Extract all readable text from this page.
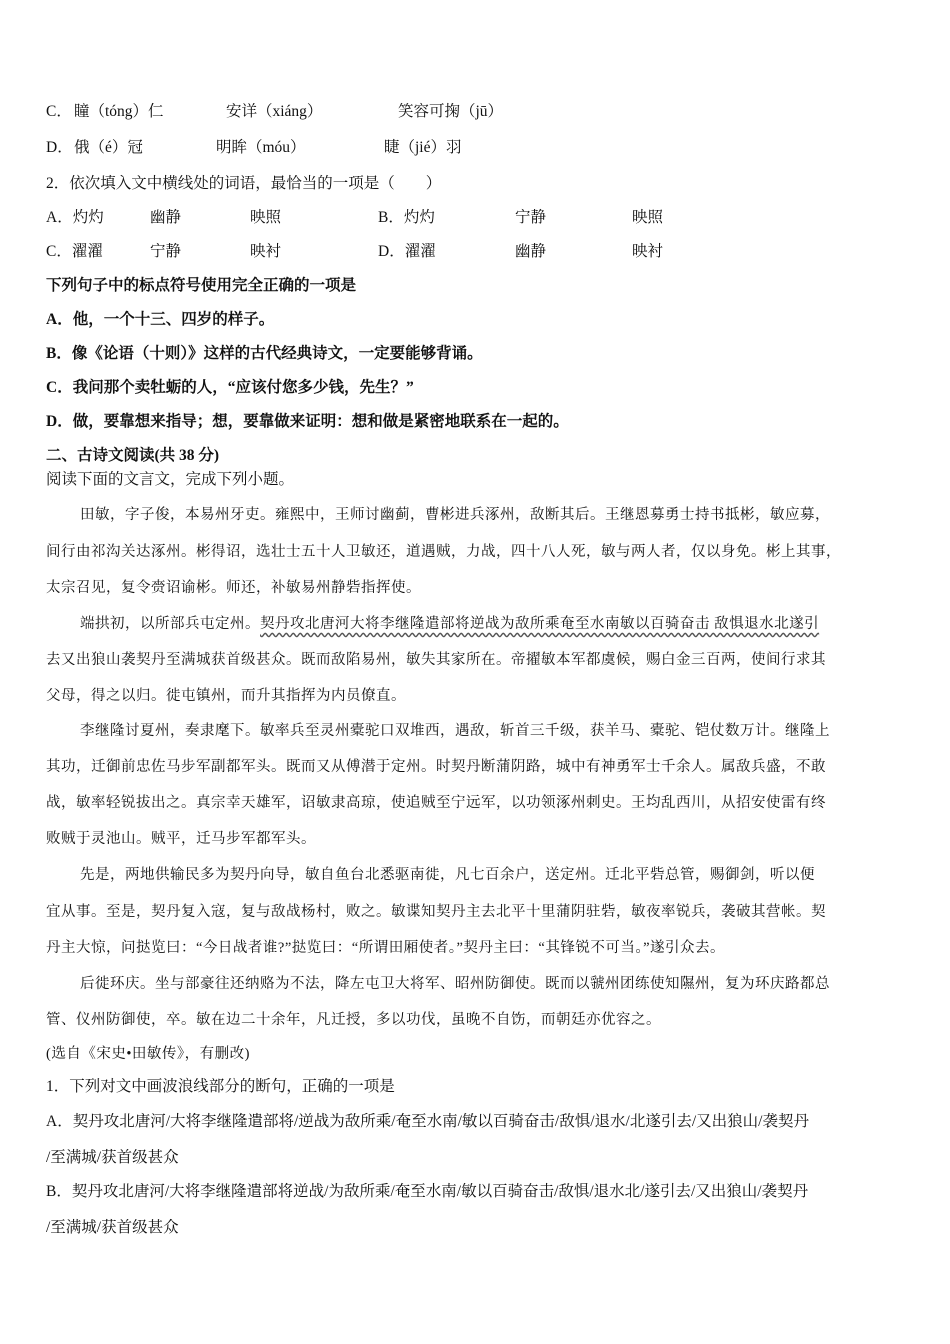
C． 瞳（tóng）仁	安详（xiáng）	笑容可掬（jū）
D． 俄（é）冠	明眸（móu）	睫（jié）羽
2．依次填入文中横线处的词语，最恰当的一项是（　　）
A．灼灼	幽静	映照	B．灼灼	宁静	映照
C．濯濯	宁静	映衬	D．濯濯	幽静	映衬
下列句子中的标点符号使用完全正确的一项是
A．他，一个十三、四岁的样子。
B．像《论语（十则）》这样的古代经典诗文，一定要能够背诵。
C．我问那个卖牡蛎的人，“应该付您多少钱，先生？”
D．做，要靠想来指导；想，要靠做来证明：想和做是紧密地联系在一起的。
二、古诗文阅读(共 38 分)
阅读下面的文言文，完成下列小题。
田敏，字子俊，本易州牙吏。雍熙中，王师讨幽蓟，曹彬进兵涿州，敌断其后。王继恩募勇士持书抵彬，敏应募，
间行由祁沟关达涿州。彬得诏，选壮士五十人卫敏还，道遇贼，力战，四十八人死，敏与两人者，仅以身免。彬上其事，
太宗召见，复令赍诏谕彬。师还，补敏易州静砦指挥使。
端拱初，以所部兵屯定州。契丹攻北唐河大将李继隆遣部将逆战为敌所乘奄至水南敏以百骑奋击 敌惧退水北遂引
去又出狼山袭契丹至满城获首级甚众。既而敌陷易州，敏失其家所在。帝擢敏本军都虞候，赐白金三百两，使间行求其
父母，得之以归。徙屯镇州，而升其指挥为内员僚直。
李继隆讨夏州，奏隶麾下。敏率兵至灵州橐驼口双堆西，遇敌，斩首三千级，获羊马、橐驼、铠仗数万计。继隆上
其功，迁御前忠佐马步军副都军头。既而又从傅潜于定州。时契丹断蒲阴路，城中有神勇军士千余人。属敌兵盛，不敢
战，敏率轻锐拔出之。真宗幸天雄军，诏敏隶高琼，使追贼至宁远军，以功领涿州刺史。王均乱西川，从招安使雷有终
败贼于灵池山。贼平，迁马步军都军头。
先是，两地供输民多为契丹向导，敏自鱼台北悉驱南徙，凡七百余户，送定州。迁北平砦总管，赐御剑，听以便
宜从事。至是，契丹复入寇，复与敌战杨村，败之。敏谍知契丹主去北平十里蒲阴驻砦，敏夜率锐兵，袭破其营帐。契
丹主大惊，问挞览曰：“今日战者谁?”挞览曰：“所谓田厢使者。”契丹主曰：“其锋锐不可当。”遂引众去。
后徙环庆。坐与部豪往还纳赂为不法，降左屯卫大将军、昭州防御使。既而以虢州团练使知隰州，复为环庆路都总
管、仪州防御使，卒。敏在边二十余年，凡迁授，多以功伐，虽晚不自饬，而朝廷亦优容之。
(选自《宋史•田敏传》，有删改)
1．下列对文中画波浪线部分的断句，正确的一项是
A．契丹攻北唐河/大将李继隆遣部将/逆战为敌所乘/奄至水南/敏以百骑奋击/敌惧/退水/北遂引去/又出狼山/袭契丹
/至满城/获首级甚众
B．契丹攻北唐河/大将李继隆遣部将逆战/为敌所乘/奄至水南/敏以百骑奋击/敌惧/退水北/遂引去/又出狼山/袭契丹
/至满城/获首级甚众
